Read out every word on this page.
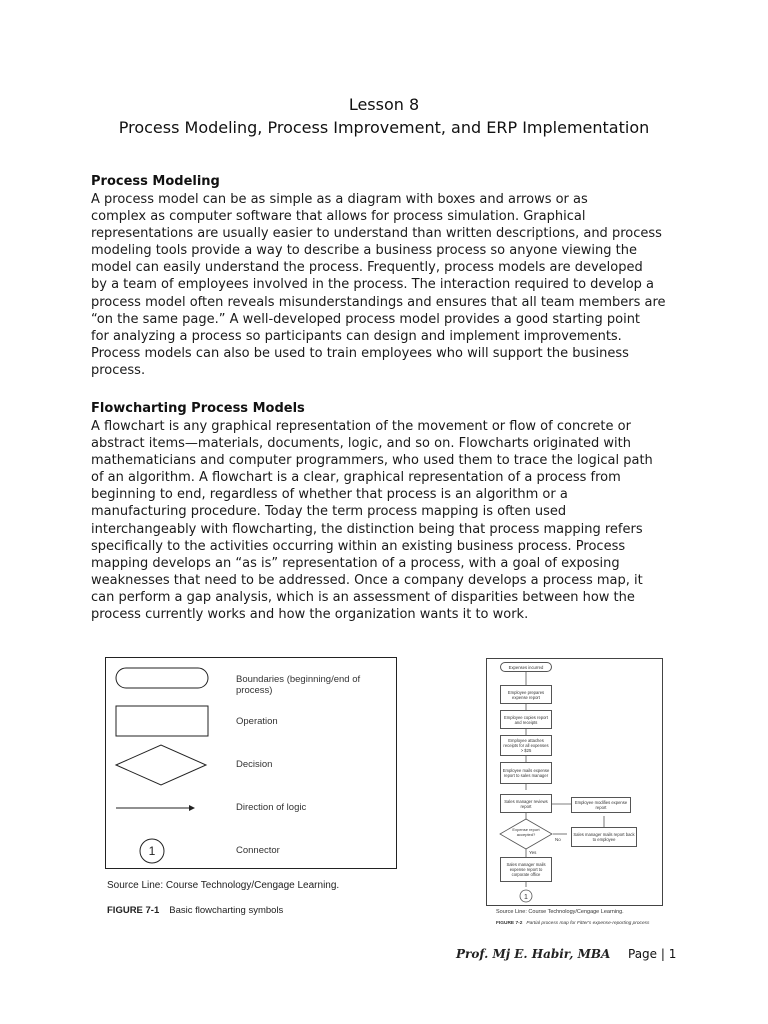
Lesson 8
Process Modeling, Process Improvement, and ERP Implementation
Process Modeling
A process model can be as simple as a diagram with boxes and arrows or as
complex as computer software that allows for process simulation. Graphical
representations are usually easier to understand than written descriptions, and process
modeling tools provide a way to describe a business process so anyone viewing the
model can easily understand the process. Frequently, process models are developed
by a team of employees involved in the process. The interaction required to develop a
process model often reveals misunderstandings and ensures that all team members are
“on the same page.” A well-developed process model provides a good starting point
for analyzing a process so participants can design and implement improvements.
Process models can also be used to train employees who will support the business
process.
Flowcharting Process Models
A flowchart is any graphical representation of the movement or flow of concrete or
abstract items—materials, documents, logic, and so on. Flowcharts originated with
mathematicians and computer programmers, who used them to trace the logical path
of an algorithm. A flowchart is a clear, graphical representation of a process from
beginning to end, regardless of whether that process is an algorithm or a
manufacturing procedure. Today the term process mapping is often used
interchangeably with flowcharting, the distinction being that process mapping refers
specifically to the activities occurring within an existing business process. Process
mapping develops an “as is” representation of a process, with a goal of exposing
weaknesses that need to be addressed. Once a company develops a process map, it
can perform a gap analysis, which is an assessment of disparities between how the
process currently works and how the organization wants it to work.
1
Boundaries (beginning/end of process)
Operation
Decision
Direction of logic
Connector
Source Line: Course Technology/Cengage Learning.
FIGURE 7-1 Basic flowcharting symbols
1
Expenses incurred
Employee prepares expense report
Employee copies report and receipts
Employee attaches receipts for all expenses > $25
Employee mails expense report to sales manager
Sales manager reviews report
Employee modifies expense report
Sales manager mails report back to employee
Expense report accepted?
No
Yes
Sales manager mails expense report to corporate office
Source Line: Course Technology/Cengage Learning.
FIGURE 7-2 Partial process map for Fitter's expense-reporting process
Prof. Mj E. Habir, MBA Page | 1
